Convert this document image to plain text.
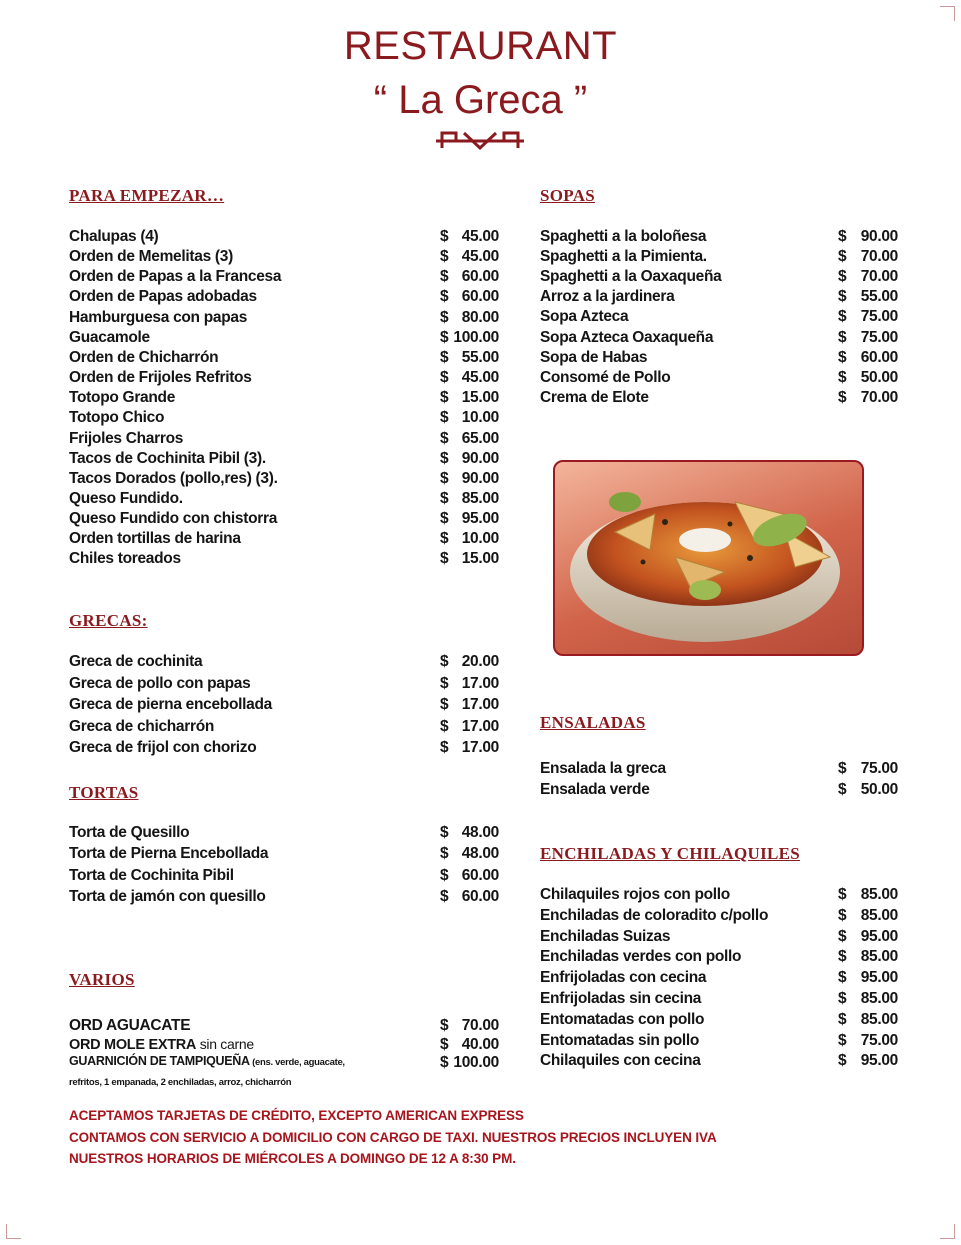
RESTAURANT
“ La Greca ”
PARA EMPEZAR…
Chalupas (4)	$ 45.00
Orden de Memelitas (3)	$ 45.00
Orden de Papas a la Francesa	$ 60.00
Orden de Papas adobadas	$ 60.00
Hamburguesa con papas	$ 80.00
Guacamole	$ 100.00
Orden de Chicharrón	$ 55.00
Orden de Frijoles Refritos	$ 45.00
Totopo Grande	$ 15.00
Totopo Chico	$ 10.00
Frijoles Charros	$ 65.00
Tacos de Cochinita Pibil (3).	$ 90.00
Tacos Dorados (pollo,res) (3).	$ 90.00
Queso Fundido.	$ 85.00
Queso Fundido con chistorra	$ 95.00
Orden tortillas de harina	$ 10.00
Chiles toreados	$ 15.00
GRECAS:
Greca de cochinita	$ 20.00
Greca de pollo con papas	$ 17.00
Greca de pierna encebollada	$ 17.00
Greca de chicharrón	$ 17.00
Greca de frijol con chorizo	$ 17.00
TORTAS
Torta de Quesillo	$ 48.00
Torta de Pierna Encebollada	$ 48.00
Torta de Cochinita Pibil	$ 60.00
Torta de jamón con quesillo	$ 60.00
VARIOS
ORD AGUACATE	$ 70.00
ORD MOLE EXTRA sin carne	$ 40.00
GUARNICIÓN DE TAMPIQUEÑA (ens. verde, aguacate,	$ 100.00
refritos, 1 empanada, 2 enchiladas, arroz, chicharrón
SOPAS
Spaghetti a la boloñesa	$ 90.00
Spaghetti a la Pimienta.	$ 70.00
Spaghetti a la Oaxaqueña	$ 70.00
Arroz a la jardinera	$ 55.00
Sopa Azteca	$ 75.00
Sopa Azteca Oaxaqueña	$ 75.00
Sopa de Habas	$ 60.00
Consomé de Pollo	$ 50.00
Crema de Elote	$ 70.00
ENSALADAS
Ensalada la greca	$ 75.00
Ensalada verde	$ 50.00
ENCHILADAS Y CHILAQUILES
Chilaquiles rojos con pollo	$ 85.00
Enchiladas de coloradito c/pollo	$ 85.00
Enchiladas Suizas	$ 95.00
Enchiladas verdes con pollo	$ 85.00
Enfrijoladas con cecina	$ 95.00
Enfrijoladas sin cecina	$ 85.00
Entomatadas con pollo	$ 85.00
Entomatadas sin pollo	$ 75.00
Chilaquiles con cecina	$ 95.00
ACEPTAMOS TARJETAS DE CRÉDITO, EXCEPTO AMERICAN EXPRESS
CONTAMOS CON SERVICIO A DOMICILIO CON CARGO DE TAXI. NUESTROS PRECIOS INCLUYEN IVA
NUESTROS HORARIOS DE MIÉRCOLES A DOMINGO DE 12 A 8:30 PM.
